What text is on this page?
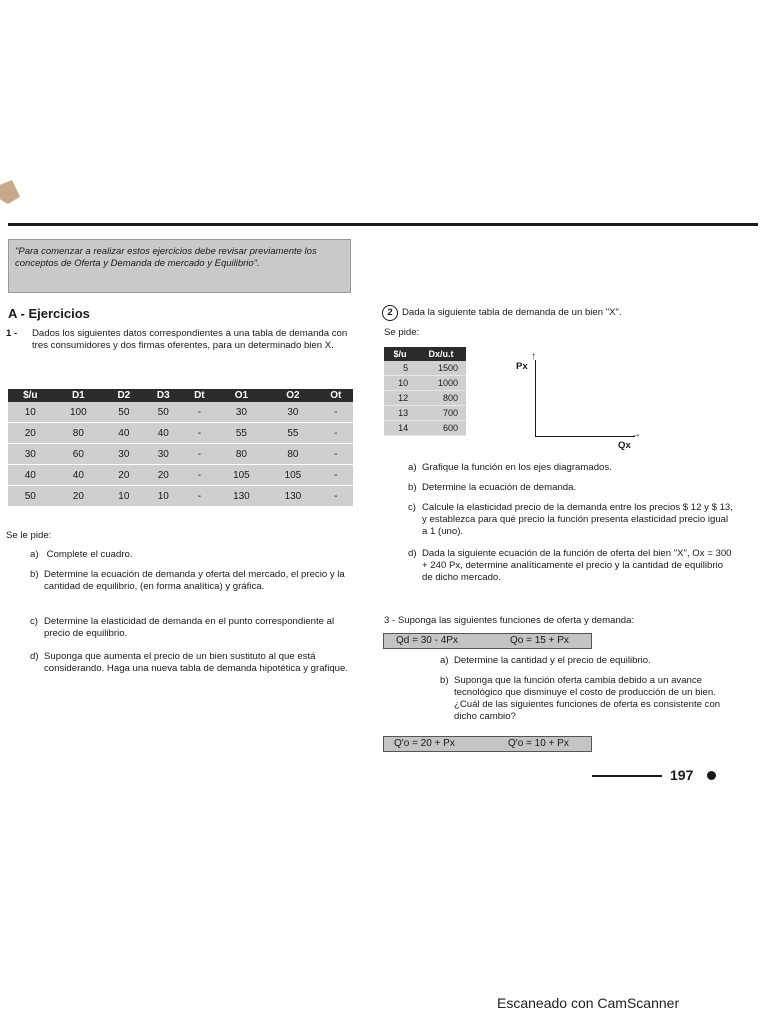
"Para comenzar a realizar estos ejercicios debe revisar previamente los conceptos de Oferta y Demanda de mercado y Equilibrio".
A - Ejercicios
1 - Dados los siguientes datos correspondientes a una tabla de demanda con tres consumidores y dos firmas oferentes, para un determinado bien X.
$/u	D1	D2	D3	Dt	O1	O2	Ot
10	100	50	50	-	30	30	-
20	80	40	40	-	55	55	-
30	60	30	30	-	80	80	-
40	40	20	20	-	105	105	-
50	20	10	10	-	130	130	-
Se le pide:
a) Complete el cuadro.
b) Determine la ecuación de demanda y oferta del mercado, el precio y la cantidad de equilibrio, (en forma analítica) y gráfica.
c) Determine la elasticidad de demanda en el punto correspondiente al precio de equilibrio.
d) Suponga que aumenta el precio de un bien sustituto al que está considerando. Haga una nueva tabla de demanda hipotética y grafique.
2 Dada la siguiente tabla de demanda de un bien "X".
Se pide:
$/u	Dx/u.t
5	1500
10	1000
12	800
13	700
14	600
↑
→
Px
Qx
a) Grafique la función en los ejes diagramados.
b) Determine la ecuación de demanda.
c) Calcule la elasticidad precio de la demanda entre los precios $ 12 y $ 13, y establezca para qué precio la función presenta elasticidad precio igual a 1 (uno).
d) Dada la siguiente ecuación de la función de oferta del bien "X", Ox = 300 + 240 Px, determine analíticamente el precio y la cantidad de equilibrio de dicho mercado.
3 - Suponga las siguientes funciones de oferta y demanda:
Qd = 30 - 4Px	Qo = 15 + Px
a) Determine la cantidad y el precio de equilibrio.
b) Suponga que la función oferta cambia debido a un avance tecnológico que disminuye el costo de producción de un bien. ¿Cuál de las siguientes funciones de oferta es consistente con dicho cambio?
Q'o = 20 + Px	Q'o = 10 + Px
197
Escaneado con CamScanner
